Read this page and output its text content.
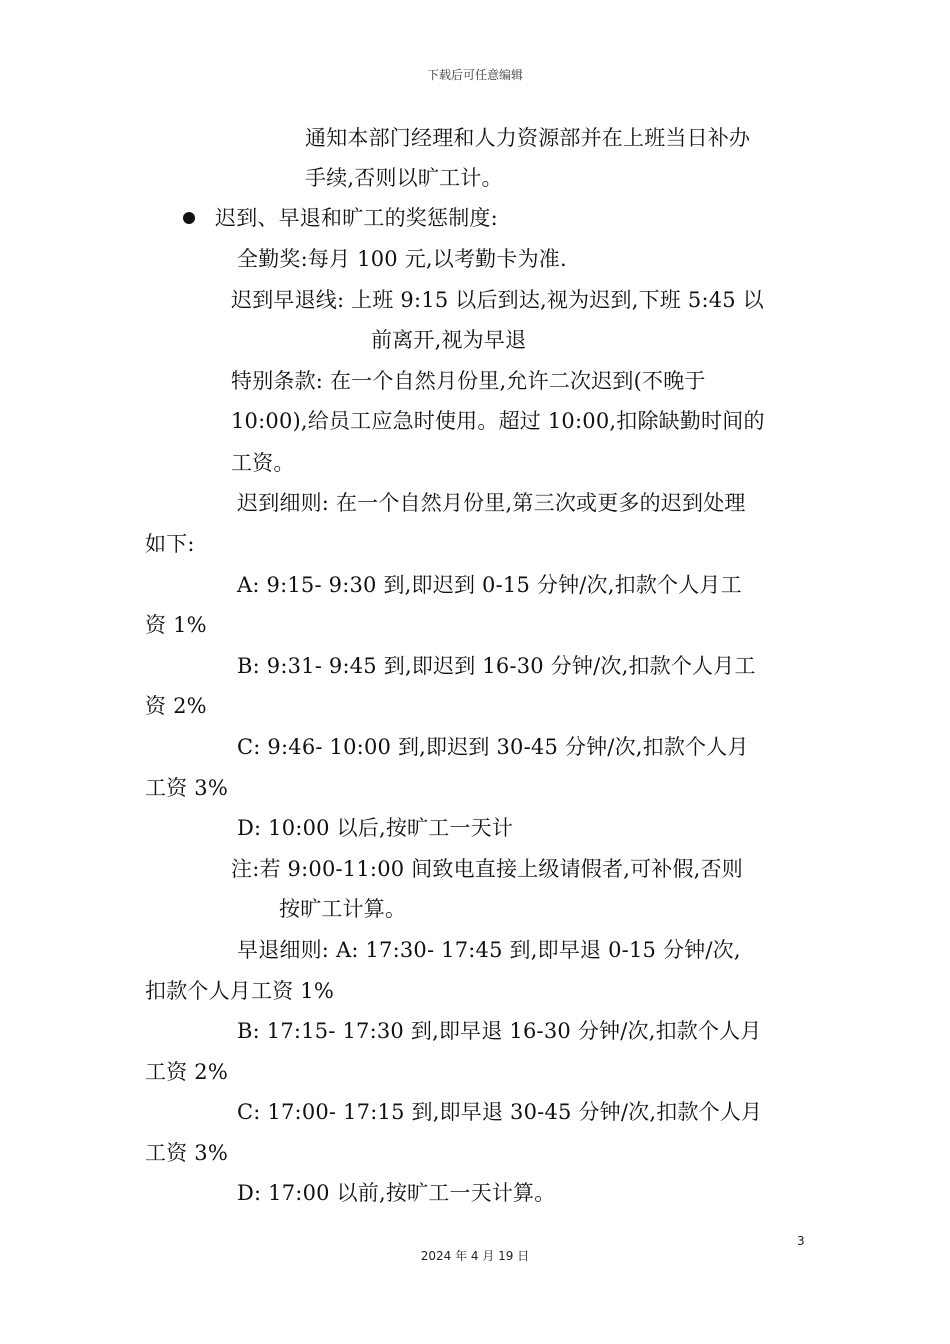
下载后可任意编辑
通知本部门经理和人力资源部并在上班当日补办
手续,否则以旷工计。
迟到、早退和旷工的奖惩制度:
全勤奖:每月 100 元,以考勤卡为准.
迟到早退线: 上班 9:15 以后到达,视为迟到,下班 5:45 以
前离开,视为早退
特别条款: 在一个自然月份里,允许二次迟到(不晚于
10:00),给员工应急时使用。超过 10:00,扣除缺勤时间的
工资。
迟到细则: 在一个自然月份里,第三次或更多的迟到处理
如下:
A: 9:15- 9:30 到,即迟到 0-15 分钟/次,扣款个人月工
资 1%
B: 9:31- 9:45 到,即迟到 16-30 分钟/次,扣款个人月工
资 2%
C: 9:46- 10:00 到,即迟到 30-45 分钟/次,扣款个人月
工资 3%
D: 10:00 以后,按旷工一天计
注:若 9:00-11:00 间致电直接上级请假者,可补假,否则
按旷工计算。
早退细则: A: 17:30- 17:45 到,即早退 0-15 分钟/次,
扣款个人月工资 1%
B: 17:15- 17:30 到,即早退 16-30 分钟/次,扣款个人月
工资 2%
C: 17:00- 17:15 到,即早退 30-45 分钟/次,扣款个人月
工资 3%
D: 17:00 以前,按旷工一天计算。
3
2024 年 4 月 19 日
